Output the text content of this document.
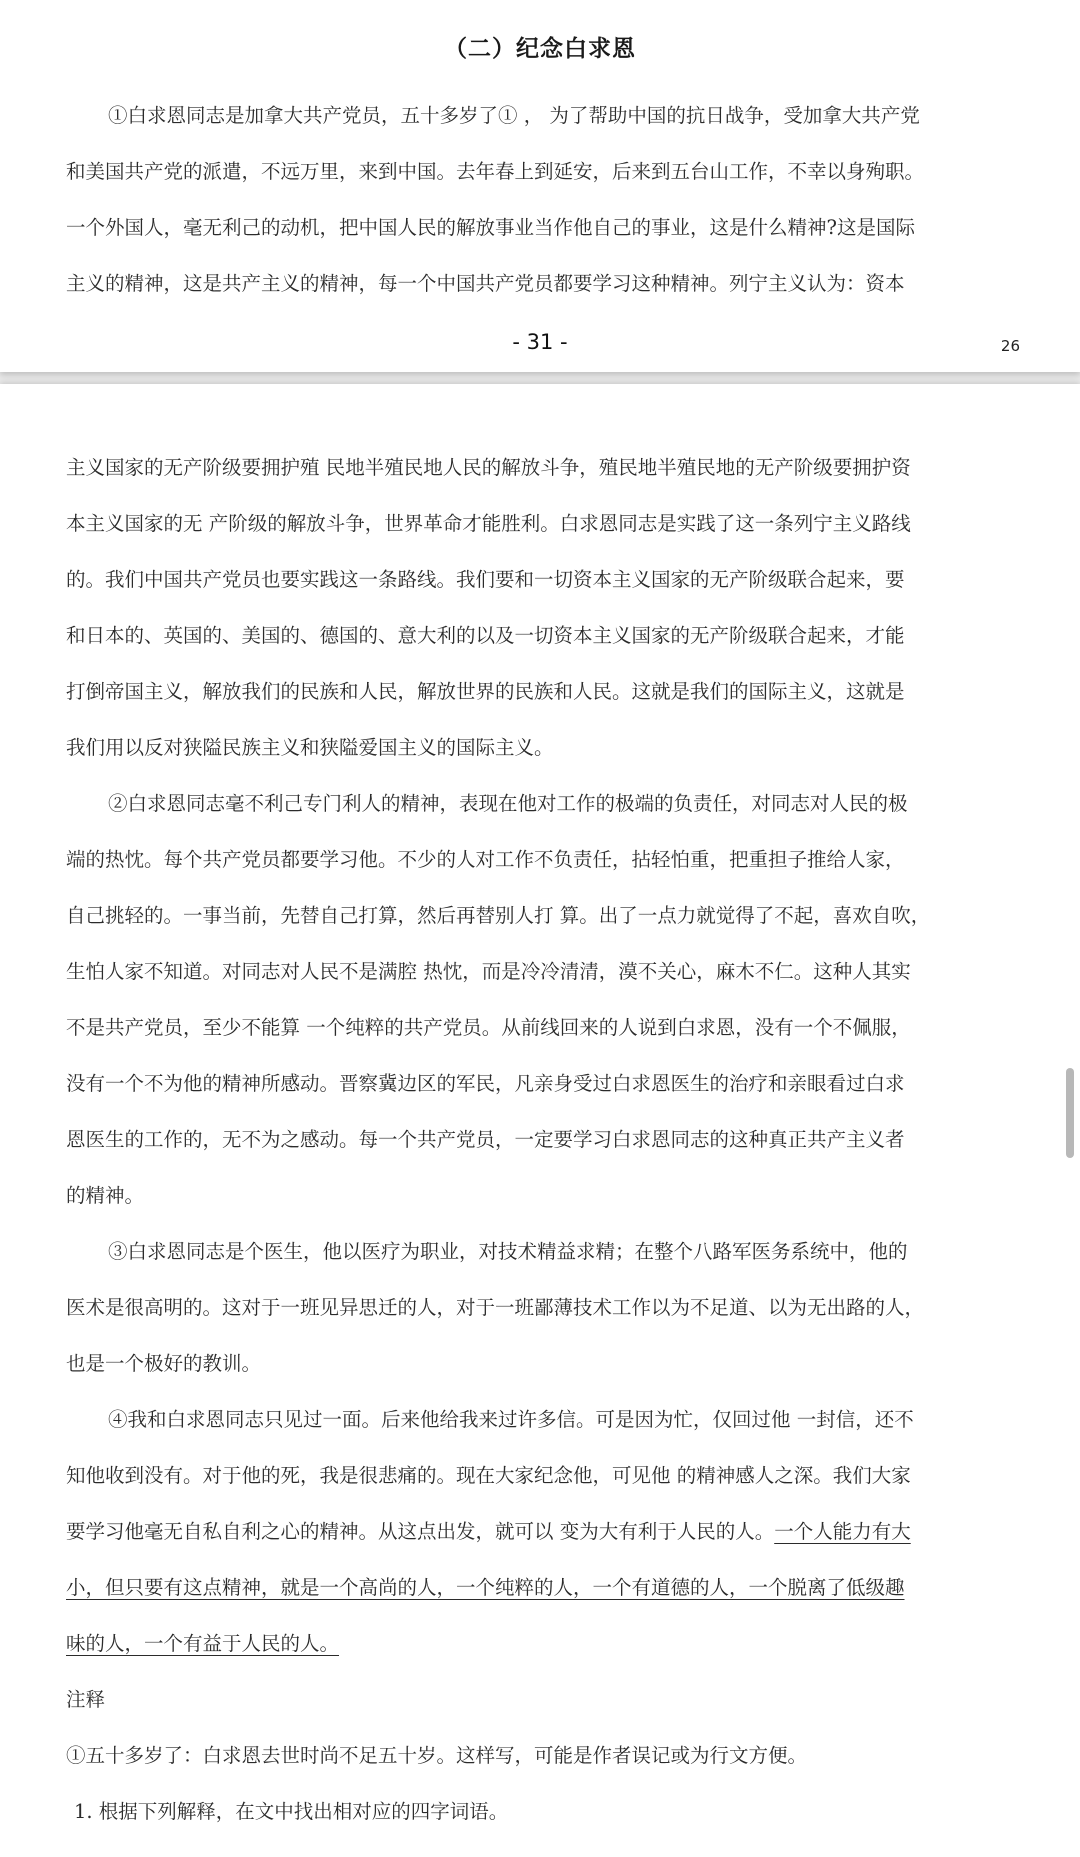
（二）纪念白求恩
①白求恩同志是加拿大共产党员，五十多岁了① ， 为了帮助中国的抗日战争，受加拿大共产党
和美国共产党的派遣，不远万里，来到中国。去年春上到延安，后来到五台山工作，不幸以身殉职。
一个外国人，毫无利己的动机，把中国人民的解放事业当作他自己的事业，这是什么精神?这是国际
主义的精神，这是共产主义的精神，每一个中国共产党员都要学习这种精神。列宁主义认为：资本
- 31 -	26
主义国家的无产阶级要拥护殖 民地半殖民地人民的解放斗争，殖民地半殖民地的无产阶级要拥护资
本主义国家的无 产阶级的解放斗争，世界革命才能胜利。白求恩同志是实践了这一条列宁主义路线
的。我们中国共产党员也要实践这一条路线。我们要和一切资本主义国家的无产阶级联合起来，要
和日本的、英国的、美国的、德国的、意大利的以及一切资本主义国家的无产阶级联合起来，才能
打倒帝国主义，解放我们的民族和人民，解放世界的民族和人民。这就是我们的国际主义，这就是
我们用以反对狭隘民族主义和狭隘爱国主义的国际主义。
②白求恩同志毫不利己专门利人的精神，表现在他对工作的极端的负责任，对同志对人民的极
端的热忱。每个共产党员都要学习他。不少的人对工作不负责任，拈轻怕重，把重担子推给人家，
自己挑轻的。一事当前，先替自己打算，然后再替别人打 算。出了一点力就觉得了不起，喜欢自吹，
生怕人家不知道。对同志对人民不是满腔 热忱，而是冷冷清清，漠不关心，麻木不仁。这种人其实
不是共产党员，至少不能算 一个纯粹的共产党员。从前线回来的人说到白求恩，没有一个不佩服，
没有一个不为他的精神所感动。晋察冀边区的军民，凡亲身受过白求恩医生的治疗和亲眼看过白求
恩医生的工作的，无不为之感动。每一个共产党员，一定要学习白求恩同志的这种真正共产主义者
的精神。
③白求恩同志是个医生，他以医疗为职业，对技术精益求精；在整个八路军医务系统中，他的
医术是很高明的。这对于一班见异思迁的人，对于一班鄙薄技术工作以为不足道、以为无出路的人，
也是一个极好的教训。
④我和白求恩同志只见过一面。后来他给我来过许多信。可是因为忙，仅回过他 一封信，还不
知他收到没有。对于他的死，我是很悲痛的。现在大家纪念他，可见他 的精神感人之深。我们大家
要学习他毫无自私自利之心的精神。从这点出发，就可以 变为大有利于人民的人。一个人能力有大
小，但只要有这点精神，就是一个高尚的人，一个纯粹的人，一个有道德的人，一个脱离了低级趣
味的人，一个有益于人民的人。
注释
①五十多岁了：白求恩去世时尚不足五十岁。这样写，可能是作者误记或为行文方便。
1. 根据下列解释，在文中找出相对应的四字词语。
